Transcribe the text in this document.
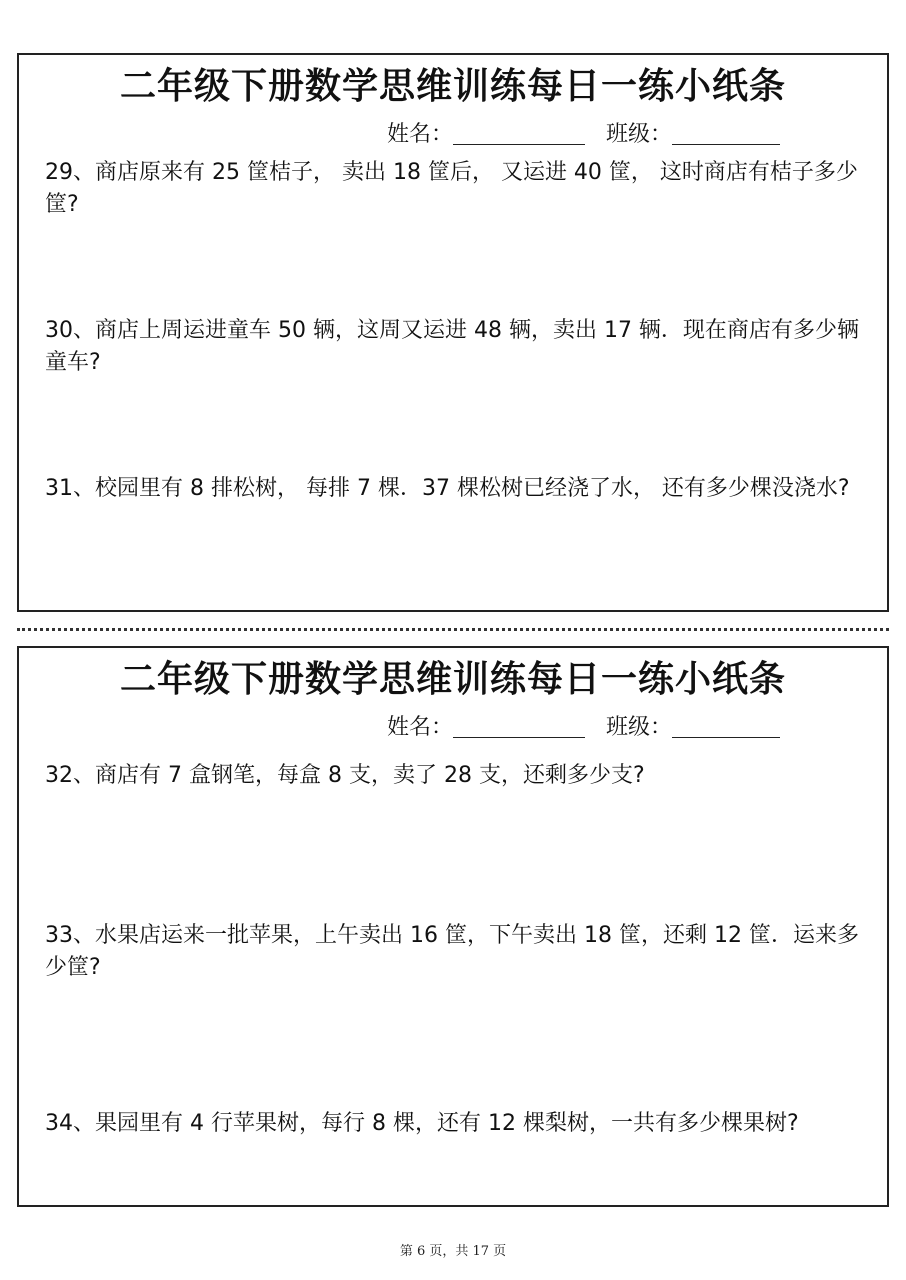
二年级下册数学思维训练每日一练小纸条
姓名：	班级：
29、商店原来有 25 筐桔子， 卖出 18 筐后， 又运进 40 筐， 这时商店有桔子多少筐?
30、商店上周运进童车 50 辆，这周又运进 48 辆，卖出 17 辆．现在商店有多少辆童车?
31、校园里有 8 排松树， 每排 7 棵．37 棵松树已经浇了水， 还有多少棵没浇水?
二年级下册数学思维训练每日一练小纸条
姓名：	班级：
32、商店有 7 盒钢笔，每盒 8 支，卖了 28 支，还剩多少支?
33、水果店运来一批苹果，上午卖出 16 筐，下午卖出 18 筐，还剩 12 筐．运来多少筐?
34、果园里有 4 行苹果树，每行 8 棵，还有 12 棵梨树，一共有多少棵果树?
第 6 页，共 17 页
